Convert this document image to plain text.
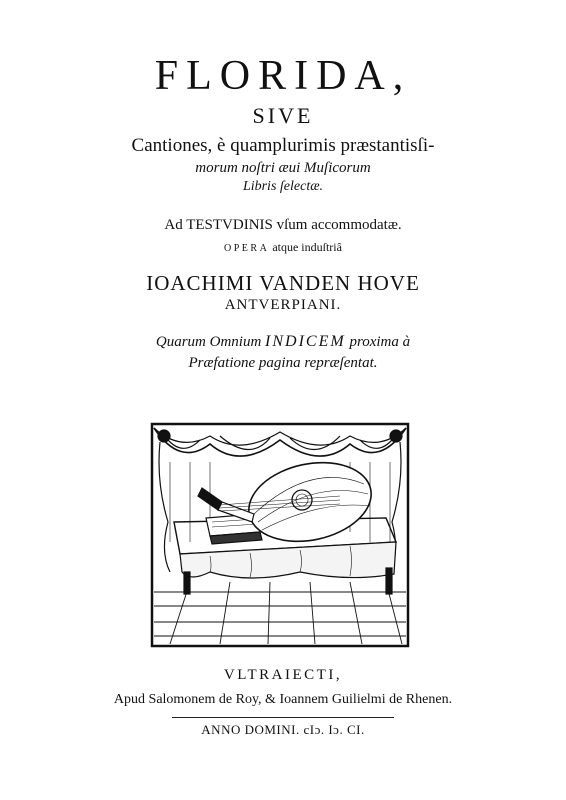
FLORIDA,
SIVE
Cantiones, è quamplurimis præstantisſi-
morum noſtri æui Muſicorum
Libris ſelectæ.
Ad TESTVDINIS vſum accommodatæ.
OPERA atque induſtriâ
IOACHIMI VANDEN HOVE
ANTVERPIANI.
Quarum Omnium INDICEM proxima à
Præfatione pagina repræſentat.
VLTRAIECTI,
Apud Salomonem de Roy, & Ioannem Guilielmi de Rhenen.
ANNO DOMINI. cIɔ. Iɔ. CI.
